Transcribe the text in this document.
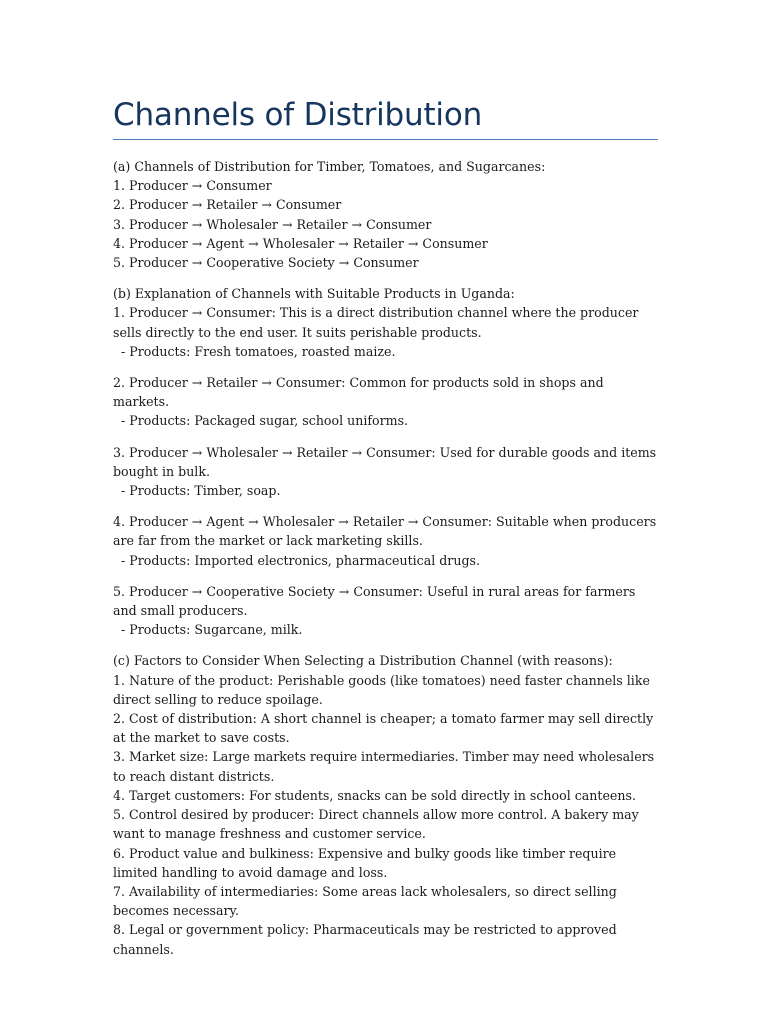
Channels of Distribution
(a) Channels of Distribution for Timber, Tomatoes, and Sugarcanes:
1. Producer → Consumer
2. Producer → Retailer → Consumer
3. Producer → Wholesaler → Retailer → Consumer
4. Producer → Agent → Wholesaler → Retailer → Consumer
5. Producer → Cooperative Society → Consumer
(b) Explanation of Channels with Suitable Products in Uganda:
1. Producer → Consumer: This is a direct distribution channel where the producer sells directly to the end user. It suits perishable products.
- Products: Fresh tomatoes, roasted maize.
2. Producer → Retailer → Consumer: Common for products sold in shops and markets.
- Products: Packaged sugar, school uniforms.
3. Producer → Wholesaler → Retailer → Consumer: Used for durable goods and items bought in bulk.
- Products: Timber, soap.
4. Producer → Agent → Wholesaler → Retailer → Consumer: Suitable when producers are far from the market or lack marketing skills.
- Products: Imported electronics, pharmaceutical drugs.
5. Producer → Cooperative Society → Consumer: Useful in rural areas for farmers and small producers.
- Products: Sugarcane, milk.
(c) Factors to Consider When Selecting a Distribution Channel (with reasons):
1. Nature of the product: Perishable goods (like tomatoes) need faster channels like direct selling to reduce spoilage.
2. Cost of distribution: A short channel is cheaper; a tomato farmer may sell directly at the market to save costs.
3. Market size: Large markets require intermediaries. Timber may need wholesalers to reach distant districts.
4. Target customers: For students, snacks can be sold directly in school canteens.
5. Control desired by producer: Direct channels allow more control. A bakery may want to manage freshness and customer service.
6. Product value and bulkiness: Expensive and bulky goods like timber require limited handling to avoid damage and loss.
7. Availability of intermediaries: Some areas lack wholesalers, so direct selling becomes necessary.
8. Legal or government policy: Pharmaceuticals may be restricted to approved channels.
